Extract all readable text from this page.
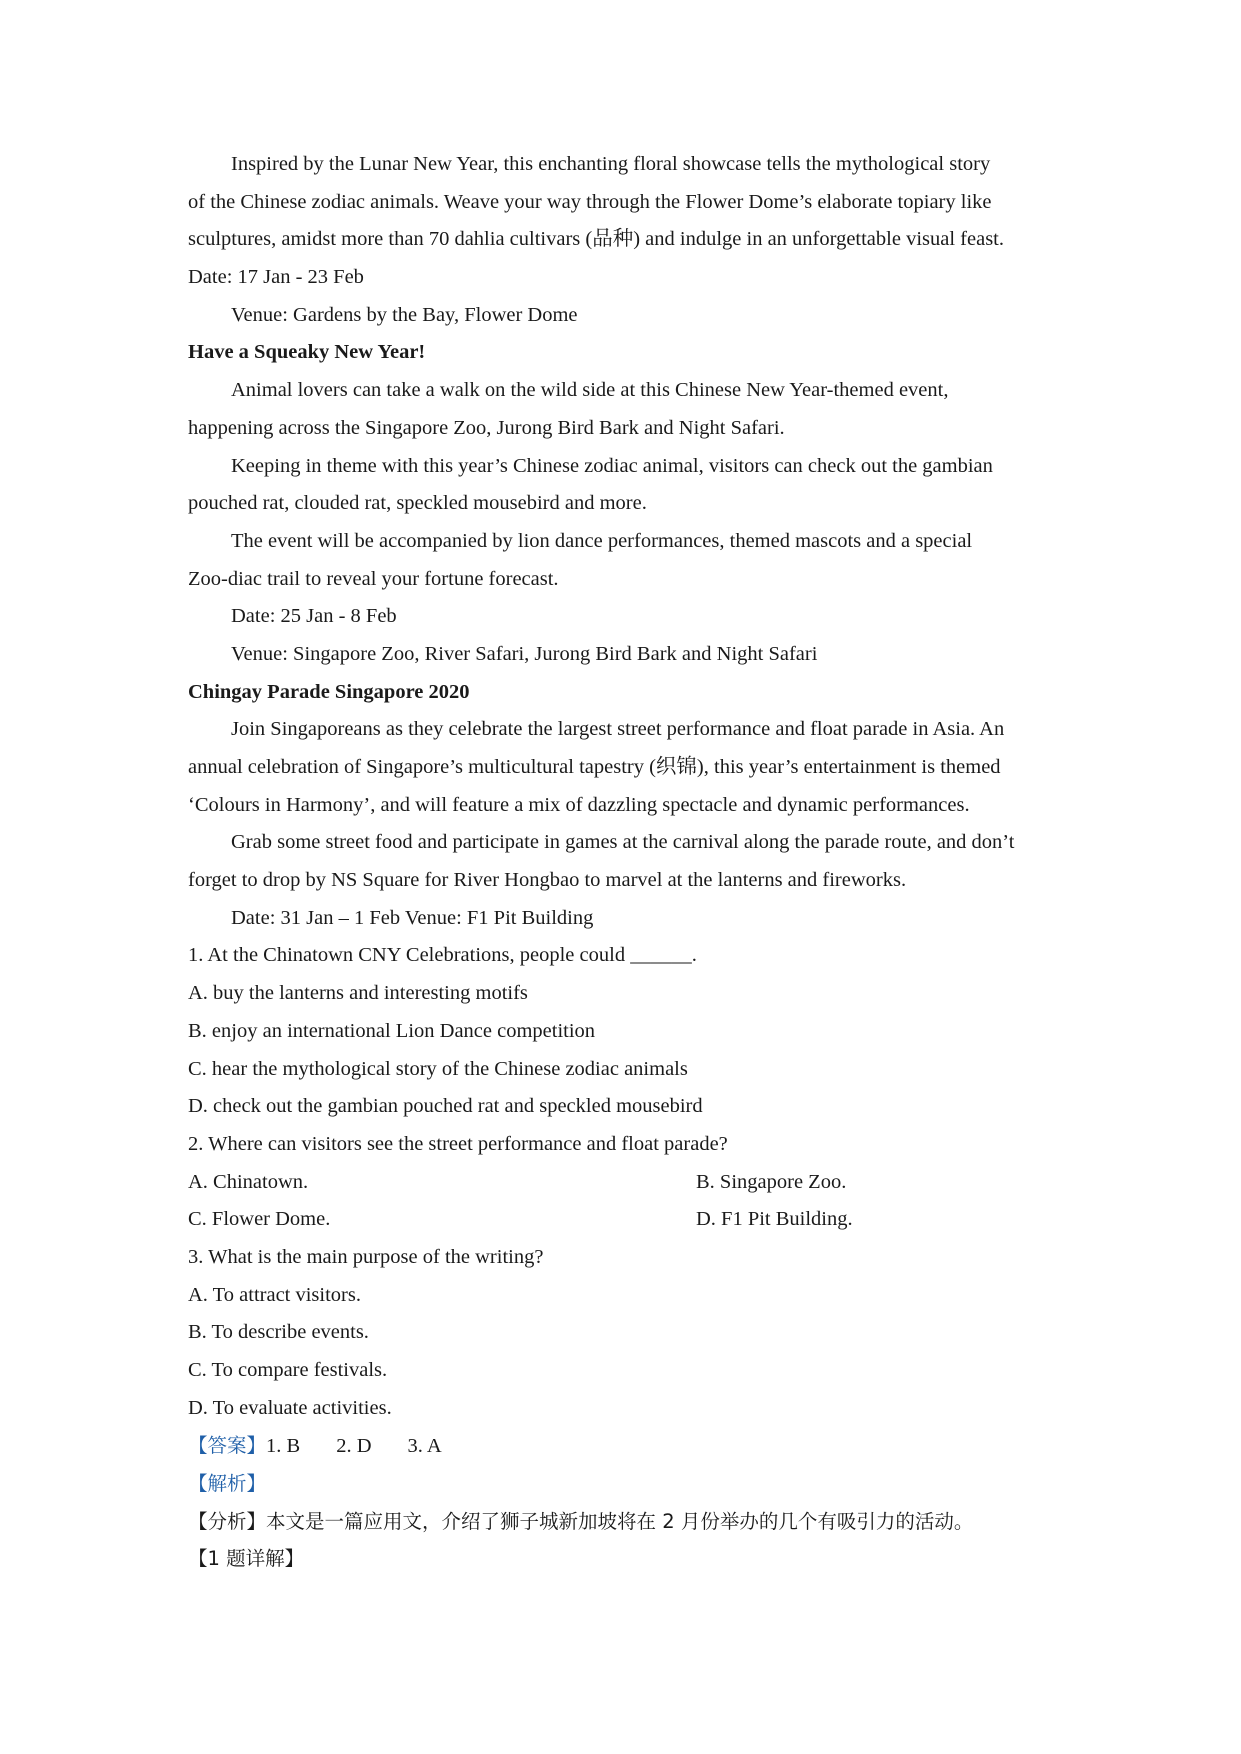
Inspired by the Lunar New Year, this enchanting floral showcase tells the mythological story
of the Chinese zodiac animals. Weave your way through the Flower Dome’s elaborate topiary like
sculptures, amidst more than 70 dahlia cultivars (品种) and indulge in an unforgettable visual feast.
Date: 17 Jan - 23 Feb
Venue: Gardens by the Bay, Flower Dome
Have a Squeaky New Year!
Animal lovers can take a walk on the wild side at this Chinese New Year-themed event,
happening across the Singapore Zoo, Jurong Bird Bark and Night Safari.
Keeping in theme with this year’s Chinese zodiac animal, visitors can check out the gambian
pouched rat, clouded rat, speckled mousebird and more.
The event will be accompanied by lion dance performances, themed mascots and a special
Zoo-diac trail to reveal your fortune forecast.
Date: 25 Jan - 8 Feb
Venue: Singapore Zoo, River Safari, Jurong Bird Bark and Night Safari
Chingay Parade Singapore 2020
Join Singaporeans as they celebrate the largest street performance and float parade in Asia. An
annual celebration of Singapore’s multicultural tapestry (织锦), this year’s entertainment is themed
‘Colours in Harmony’, and will feature a mix of dazzling spectacle and dynamic performances.
Grab some street food and participate in games at the carnival along the parade route, and don’t
forget to drop by NS Square for River Hongbao to marvel at the lanterns and fireworks.
Date: 31 Jan – 1 Feb Venue: F1 Pit Building
1. At the Chinatown CNY Celebrations, people could ______.
A. buy the lanterns and interesting motifs
B. enjoy an international Lion Dance competition
C. hear the mythological story of the Chinese zodiac animals
D. check out the gambian pouched rat and speckled mousebird
2. Where can visitors see the street performance and float parade?
A. Chinatown.	B. Singapore Zoo.
C. Flower Dome.	D. F1 Pit Building.
3. What is the main purpose of the writing?
A. To attract visitors.
B. To describe events.
C. To compare festivals.
D. To evaluate activities.
【答案】1. B 2. D 3. A
【解析】
【分析】本文是一篇应用文，介绍了狮子城新加坡将在 2 月份举办的几个有吸引力的活动。
【1 题详解】
